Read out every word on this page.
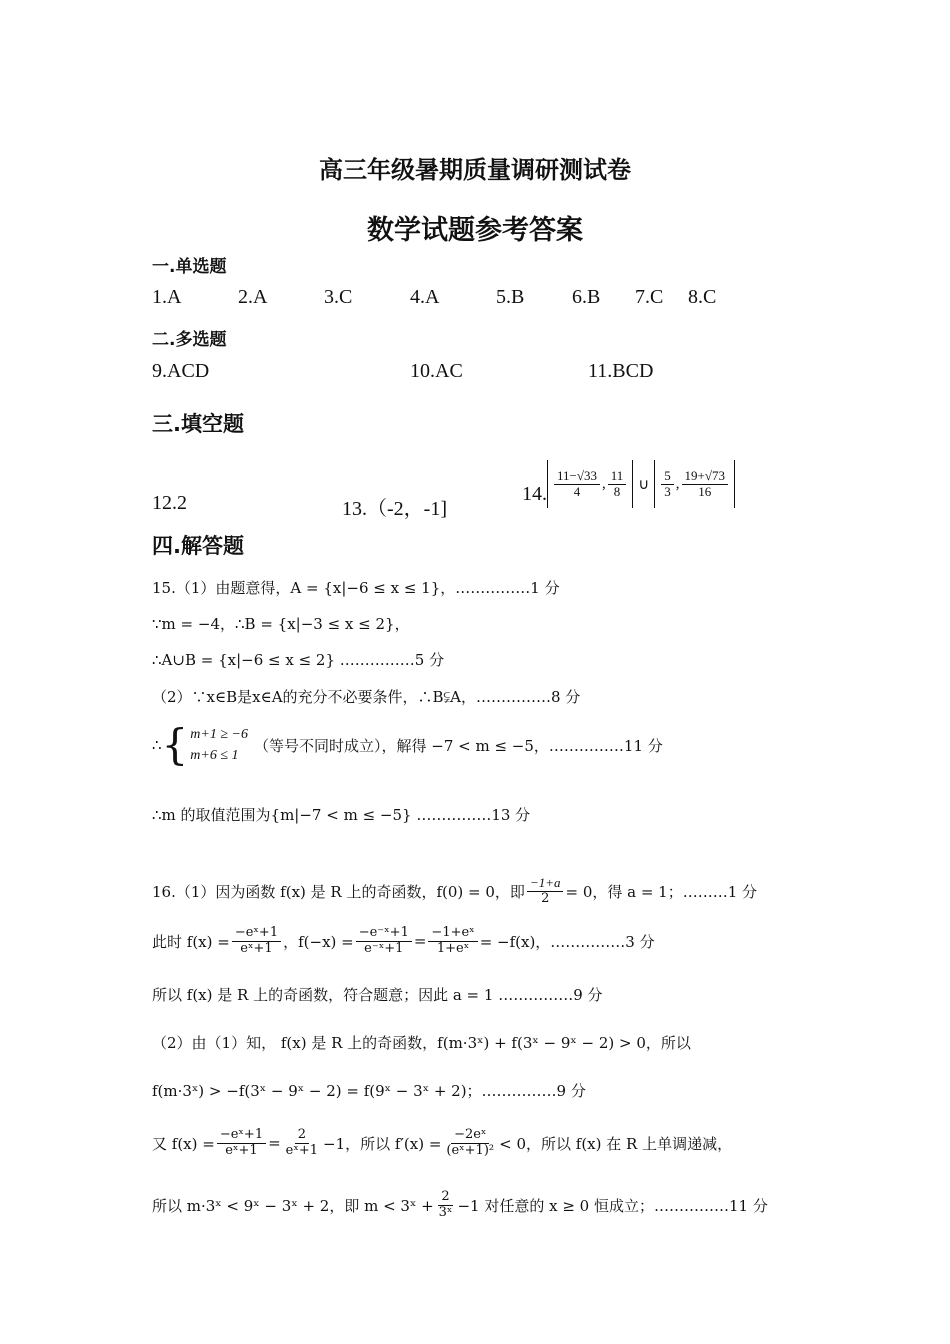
高三年级暑期质量调研测试卷
数学试题参考答案
一.单选题
1.A	2.A	3.C	4.A	5.B 6.B 7.C 8.C
二.多选题
9.ACD	10.AC	11.BCD
三.填空题
12.2	13.（-2，-1]
14. $\frac{11-√33}{4}$ , $\frac{11}{8}$ ∪ $\frac{5}{3}$ , $\frac{19+√73}{16}$
四.解答题
15.（1）由题意得，A = {x|−6 ≤ x ≤ 1}，……………1 分
∵m = −4，∴B = {x|−3 ≤ x ≤ 2}，
∴A∪B = {x|−6 ≤ x ≤ 2} ……………5 分
（2）∵x∈B是x∈A的充分不必要条件，∴B⫋A，……………8 分
∴ { m+1 ≥ −6
m+6 ≤ 1
（等号不同时成立），解得 −7 < m ≤ −5，……………11 分
∴m 的取值范围为{m|−7 < m ≤ −5} ……………13 分
16.（1）因为函数 f(x) 是 R 上的奇函数，f(0) = 0，即 $\frac{-1+a}{2} = 0$，得 a = 1；………1 分
此时 $f(x) = \frac{\text{−eˣ+1}}{\text{eˣ+1}}$ ，$f(-x) = \frac{\text{−e⁻ˣ+1}}{\text{e⁻ˣ+1}} = \frac{\text{−1+eˣ}}{\text{1+eˣ}} = -f(x)$，……………3 分
所以 f(x) 是 R 上的奇函数，符合题意；因此 a = 1 ……………9 分
（2）由（1）知， f(x) 是 R 上的奇函数，f(m·3ˣ) + f(3ˣ − 9ˣ − 2) > 0，所以
f(m·3ˣ) > −f(3ˣ − 9ˣ − 2) = f(9ˣ − 3ˣ + 2)；……………9 分
又 $f(x) = \frac{\text{−eˣ+1}}{\text{eˣ+1}} = \frac{2}{\text{eˣ+1}} -1$，所以 $f'(x) = \frac{\text{−2eˣ}}{\text{(eˣ+1)²}} < 0$，所以 f(x) 在 R 上单调递减，
所以 m·3ˣ < 9ˣ − 3ˣ + 2，即 m < 3ˣ + $\frac{2}{\text{3ˣ}} -1$ 对任意的 x ≥ 0 恒成立；……………11 分
